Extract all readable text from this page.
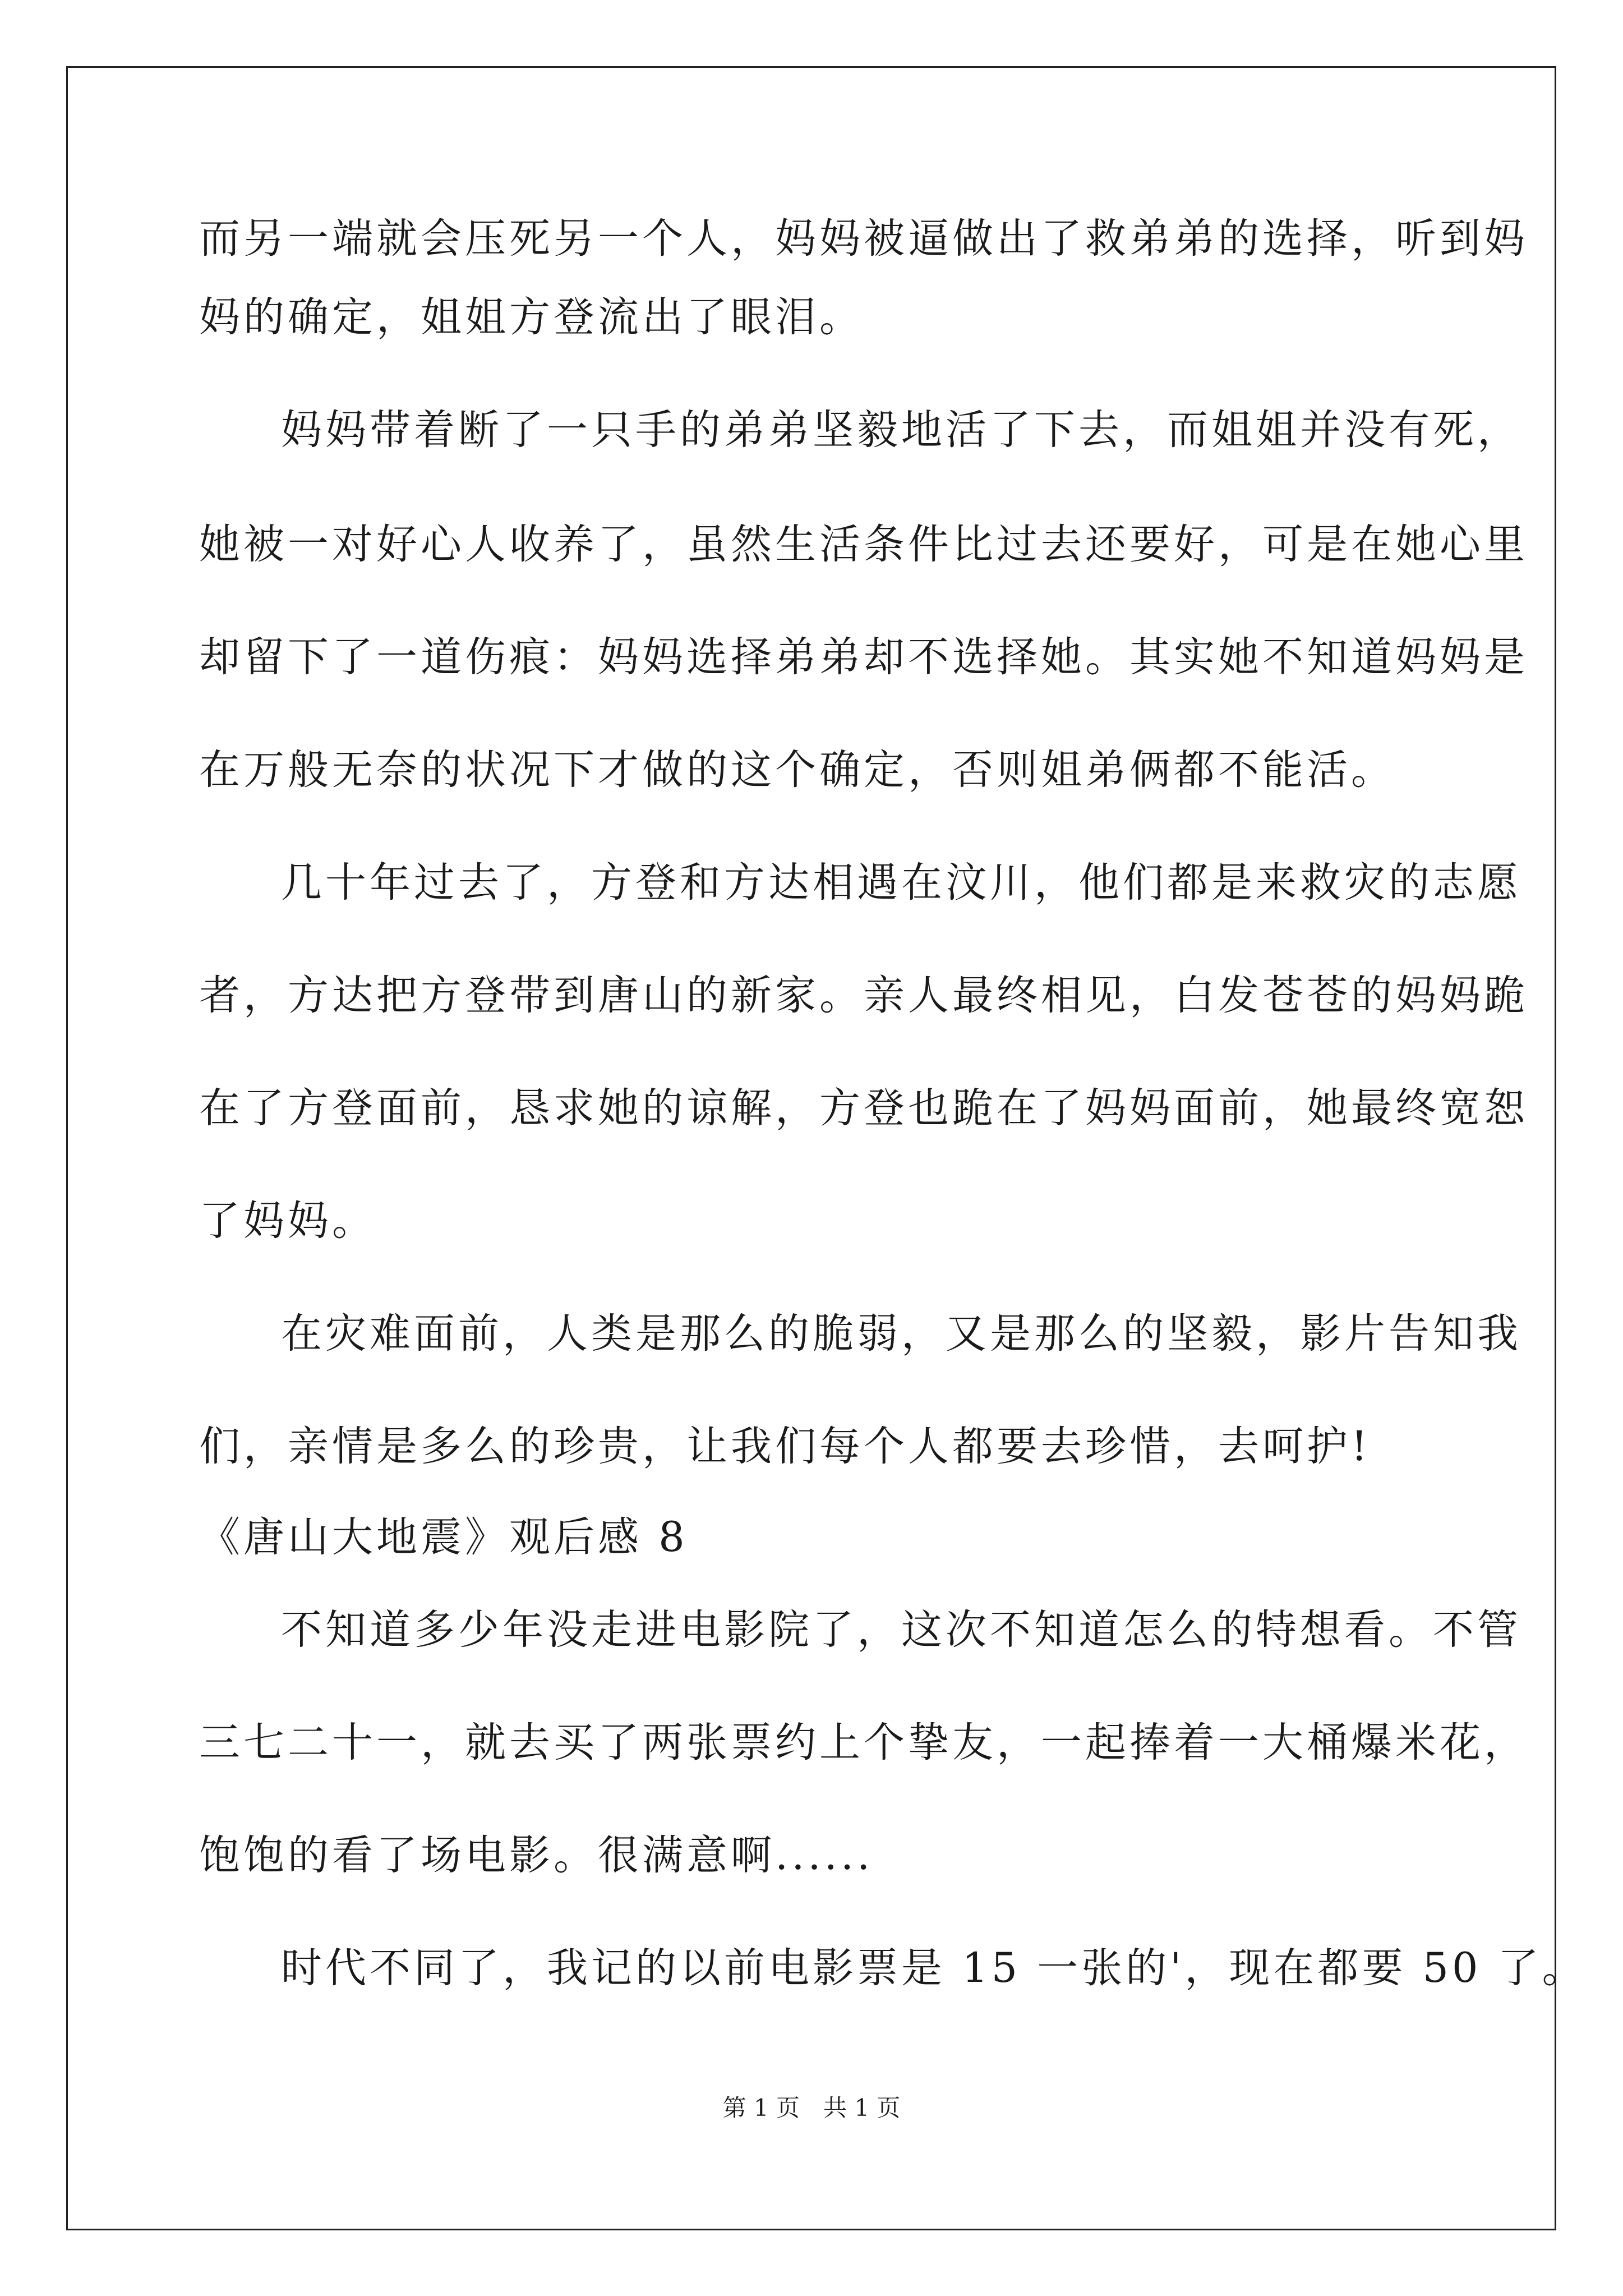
而另一端就会压死另一个人，妈妈被逼做出了救弟弟的选择，听到妈
妈的确定，姐姐方登流出了眼泪。
妈妈带着断了一只手的弟弟坚毅地活了下去，而姐姐并没有死，
她被一对好心人收养了，虽然生活条件比过去还要好，可是在她心里
却留下了一道伤痕：妈妈选择弟弟却不选择她。其实她不知道妈妈是
在万般无奈的状况下才做的这个确定，否则姐弟俩都不能活。
几十年过去了，方登和方达相遇在汶川，他们都是来救灾的志愿
者，方达把方登带到唐山的新家。亲人最终相见，白发苍苍的妈妈跪
在了方登面前，恳求她的谅解，方登也跪在了妈妈面前，她最终宽恕
了妈妈。
在灾难面前，人类是那么的脆弱，又是那么的坚毅，影片告知我
们，亲情是多么的珍贵，让我们每个人都要去珍惜，去呵护!
《唐山大地震》观后感 8
不知道多少年没走进电影院了，这次不知道怎么的特想看。不管
三七二十一，就去买了两张票约上个挚友，一起捧着一大桶爆米花，
饱饱的看了场电影。很满意啊......
时代不同了，我记的以前电影票是 15 一张的'，现在都要 50 了。
第 1 页　共 1 页
